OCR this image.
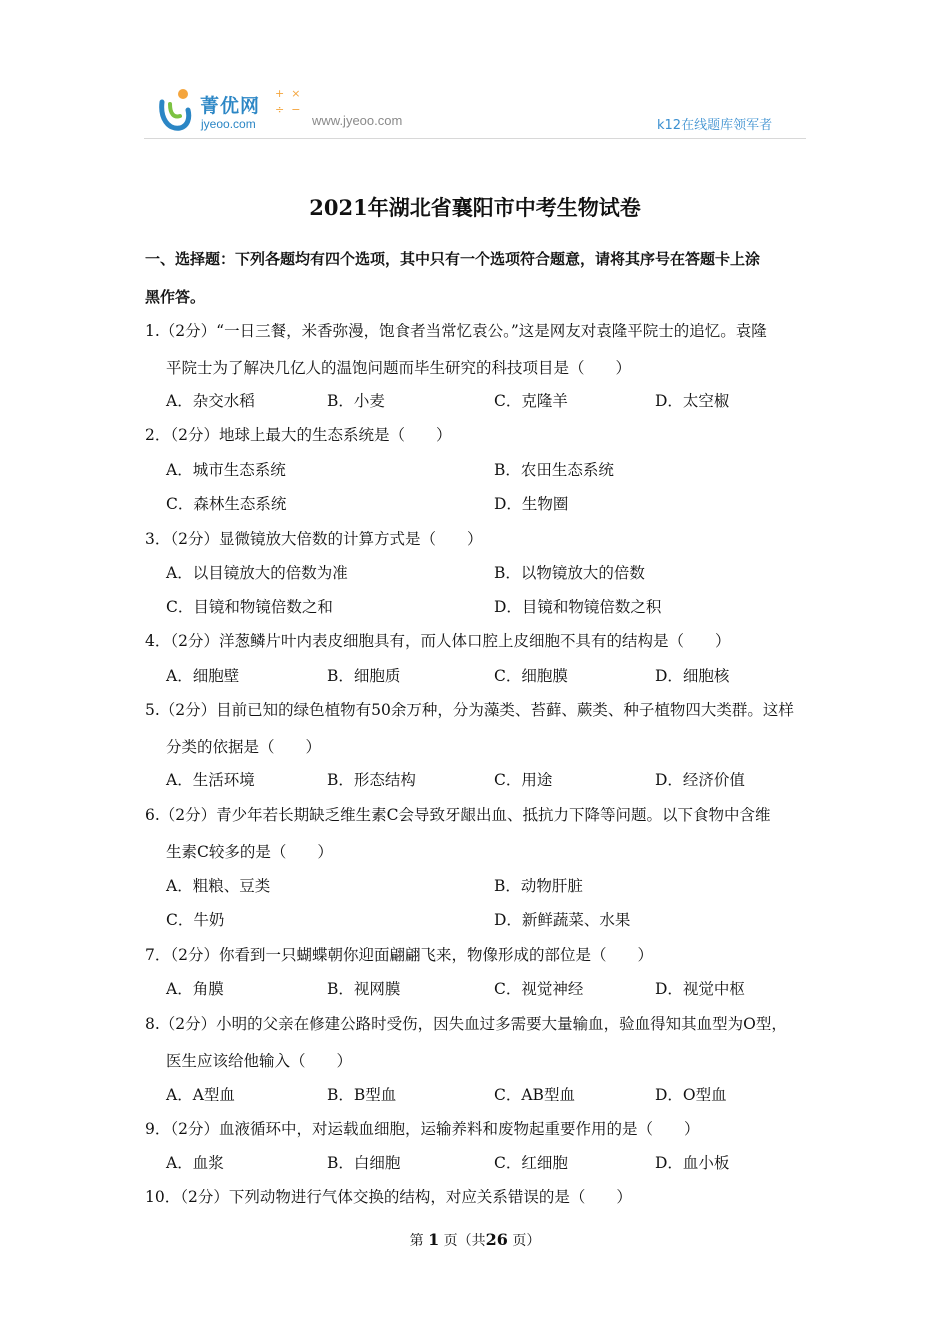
菁优网
jyeoo.com
+ ×
÷ −
www.jyeoo.com	k12在线题库领军者
2021年湖北省襄阳市中考生物试卷
一、选择题：下列各题均有四个选项，其中只有一个选项符合题意，请将其序号在答题卡上涂
黑作答。
1.（2分）“一日三餐，米香弥漫，饱食者当常忆袁公。”这是网友对袁隆平院士的追忆。袁隆
平院士为了解决几亿人的温饱问题而毕生研究的科技项目是（　　）
A．杂交水稻	B．小麦	C．克隆羊	D．太空椒
2．（2分）地球上最大的生态系统是（　　）
A．城市生态系统	B．农田生态系统
C．森林生态系统	D．生物圈
3．（2分）显微镜放大倍数的计算方式是（　　）
A．以目镜放大的倍数为准	B．以物镜放大的倍数
C．目镜和物镜倍数之和	D．目镜和物镜倍数之积
4．（2分）洋葱鳞片叶内表皮细胞具有，而人体口腔上皮细胞不具有的结构是（　　）
A．细胞壁	B．细胞质	C．细胞膜	D．细胞核
5.（2分）目前已知的绿色植物有50余万种，分为藻类、苔藓、蕨类、种子植物四大类群。这样
分类的依据是（　　）
A．生活环境	B．形态结构	C．用途	D．经济价值
6.（2分）青少年若长期缺乏维生素C会导致牙龈出血、抵抗力下降等问题。以下食物中含维
生素C较多的是（　　）
A．粗粮、豆类	B．动物肝脏
C．牛奶	D．新鲜蔬菜、水果
7．（2分）你看到一只蝴蝶朝你迎面翩翩飞来，物像形成的部位是（　　）
A．角膜	B．视网膜	C．视觉神经	D．视觉中枢
8.（2分）小明的父亲在修建公路时受伤，因失血过多需要大量输血，验血得知其血型为O型，
医生应该给他输入（　　）
A．A型血	B．B型血	C．AB型血	D．O型血
9．（2分）血液循环中，对运载血细胞，运输养料和废物起重要作用的是（　　）
A．血浆	B．白细胞	C．红细胞	D．血小板
10．（2分）下列动物进行气体交换的结构，对应关系错误的是（　　）
第 1 页（共26 页）
